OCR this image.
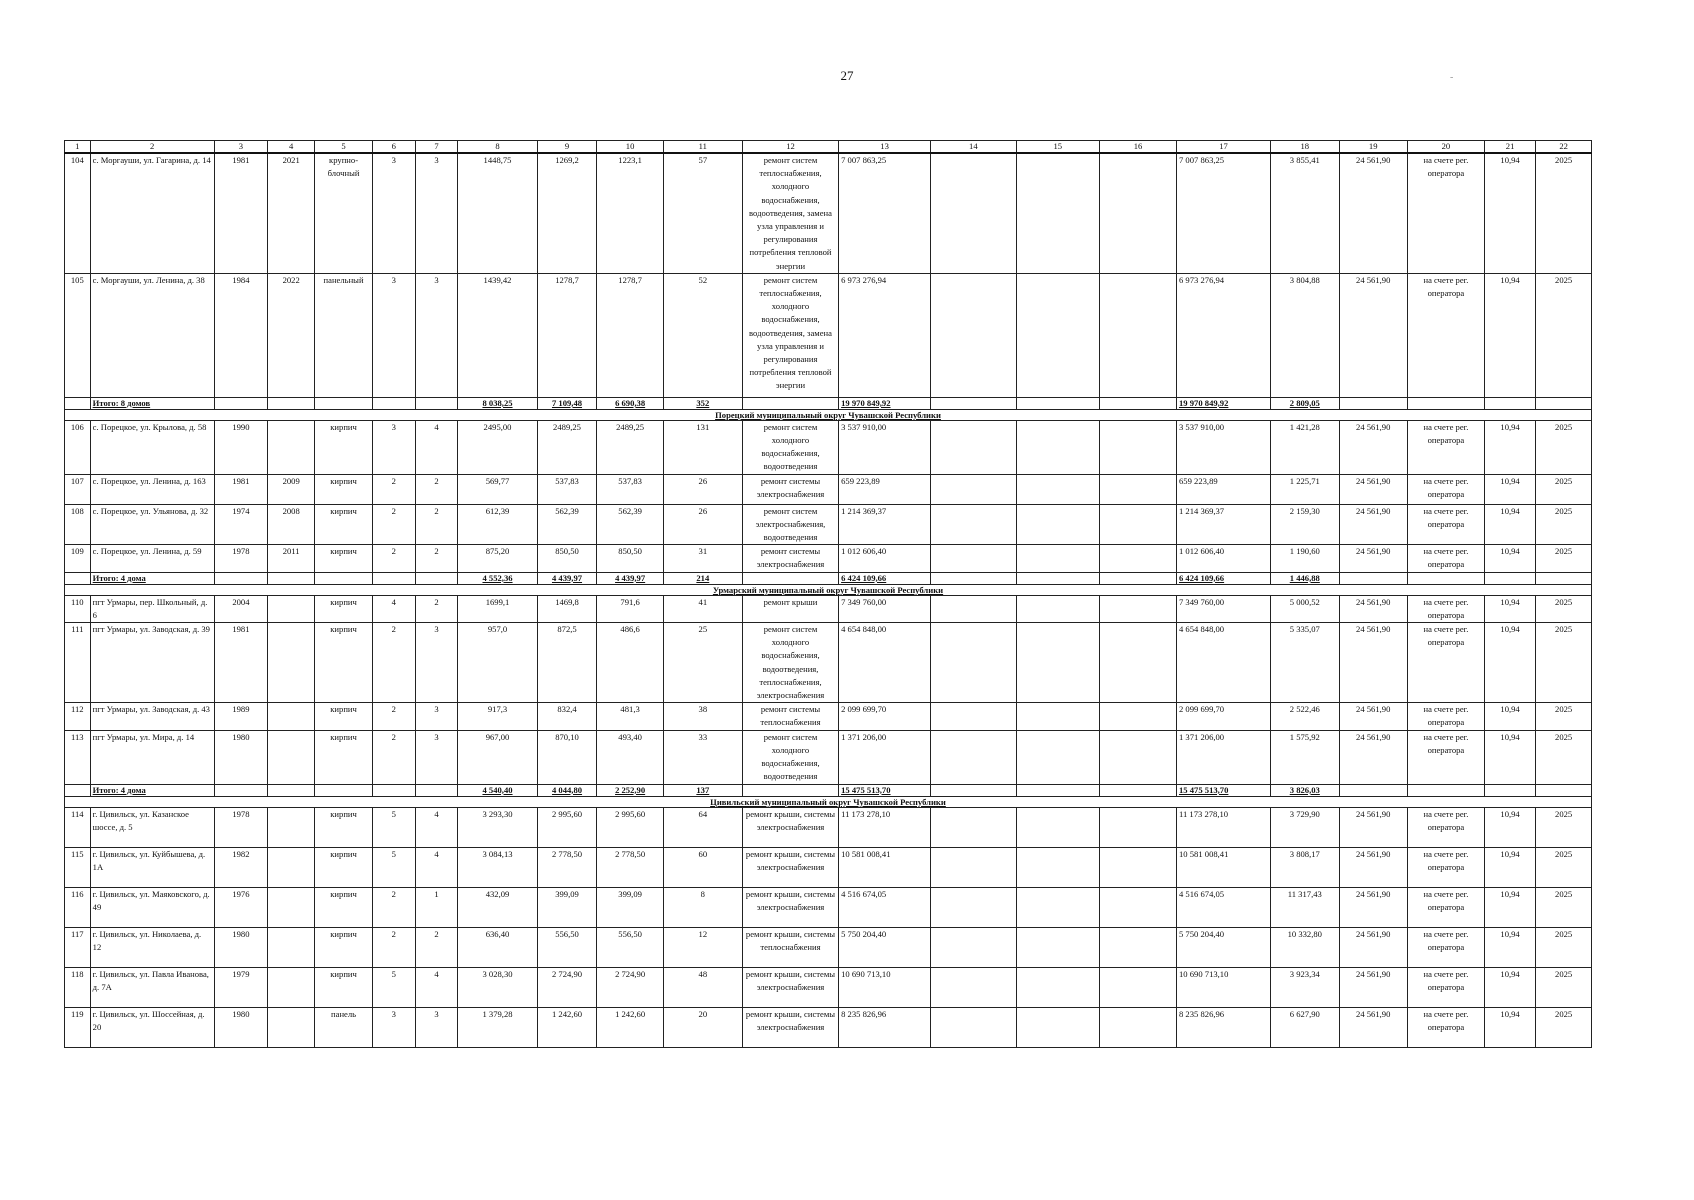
27	-
1	2	3	4	5	6	7	8	9	10	11	12	13	14	15	16	17	18	19	20	21	22
104	с. Моргауши, ул. Гагарина, д. 14	1981	2021	крупно-блочный	3	3	1448,75	1269,2	1223,1	57	ремонт систем теплоснабжения, холодного водоснабжения, водоотведения, замена узла управления и регулирования потребления тепловой энергии	7 007 863,25				7 007 863,25	3 855,41	24 561,90	на счете рег. оператора	10,94	2025
105	с. Моргауши, ул. Ленина, д. 38	1984	2022	панельный	3	3	1439,42	1278,7	1278,7	52	ремонт систем теплоснабжения, холодного водоснабжения, водоотведения, замена узла управления и регулирования потребления тепловой энергии	6 973 276,94				6 973 276,94	3 804,88	24 561,90	на счете рег. оператора	10,94	2025
	Итого: 8 домов						8 038,25	7 109,48	6 690,38	352		19 970 849,92				19 970 849,92	2 809,05				
Порецкий муниципальный округ Чувашской Республики																					
106	с. Порецкое, ул. Крылова, д. 58	1990		кирпич	3	4	2495,00	2489,25	2489,25	131	ремонт систем холодного водоснабжения, водоотведения	3 537 910,00				3 537 910,00	1 421,28	24 561,90	на счете рег. оператора	10,94	2025
107	с. Порецкое, ул. Ленина, д. 163	1981	2009	кирпич	2	2	569,77	537,83	537,83	26	ремонт системы электроснабжения	659 223,89				659 223,89	1 225,71	24 561,90	на счете рег. оператора	10,94	2025
108	с. Порецкое, ул. Ульянова, д. 32	1974	2008	кирпич	2	2	612,39	562,39	562,39	26	ремонт систем электроснабжения, водоотведения	1 214 369,37				1 214 369,37	2 159,30	24 561,90	на счете рег. оператора	10,94	2025
109	с. Порецкое, ул. Ленина, д. 59	1978	2011	кирпич	2	2	875,20	850,50	850,50	31	ремонт системы электроснабжения	1 012 606,40				1 012 606,40	1 190,60	24 561,90	на счете рег. оператора	10,94	2025
	Итого: 4 дома						4 552,36	4 439,97	4 439,97	214		6 424 109,66				6 424 109,66	1 446,88				
Урмарский муниципальный округ Чувашской Республики																					
110	пгт Урмары, пер. Школьный, д. 6	2004		кирпич	4	2	1699,1	1469,8	791,6	41	ремонт крыши	7 349 760,00				7 349 760,00	5 000,52	24 561,90	на счете рег. оператора	10,94	2025
111	пгт Урмары, ул. Заводская, д. 39	1981		кирпич	2	3	957,0	872,5	486,6	25	ремонт систем холодного водоснабжения, водоотведения, теплоснабжения, электроснабжения	4 654 848,00				4 654 848,00	5 335,07	24 561,90	на счете рег. оператора	10,94	2025
112	пгт Урмары, ул. Заводская, д. 43	1989		кирпич	2	3	917,3	832,4	481,3	38	ремонт системы теплоснабжения	2 099 699,70				2 099 699,70	2 522,46	24 561,90	на счете рег. оператора	10,94	2025
113	пгт Урмары, ул. Мира, д. 14	1980		кирпич	2	3	967,00	870,10	493,40	33	ремонт систем холодного водоснабжения, водоотведения	1 371 206,00				1 371 206,00	1 575,92	24 561,90	на счете рег. оператора	10,94	2025
	Итого: 4 дома						4 540,40	4 044,80	2 252,90	137		15 475 513,70				15 475 513,70	3 826,03				
Цивильский муниципальный округ Чувашской Республики																					
114	г. Цивильск, ул. Казанское шоссе, д. 5	1978		кирпич	5	4	3 293,30	2 995,60	2 995,60	64	ремонт крыши, системы электроснабжения	11 173 278,10				11 173 278,10	3 729,90	24 561,90	на счете рег. оператора	10,94	2025
115	г. Цивильск, ул. Куйбышева, д. 1А	1982		кирпич	5	4	3 084,13	2 778,50	2 778,50	60	ремонт крыши, системы электроснабжения	10 581 008,41				10 581 008,41	3 808,17	24 561,90	на счете рег. оператора	10,94	2025
116	г. Цивильск, ул. Маяковского, д. 49	1976		кирпич	2	1	432,09	399,09	399,09	8	ремонт крыши, системы электроснабжения	4 516 674,05				4 516 674,05	11 317,43	24 561,90	на счете рег. оператора	10,94	2025
117	г. Цивильск, ул. Николаева, д. 12	1980		кирпич	2	2	636,40	556,50	556,50	12	ремонт крыши, системы теплоснабжения	5 750 204,40				5 750 204,40	10 332,80	24 561,90	на счете рег. оператора	10,94	2025
118	г. Цивильск, ул. Павла Иванова, д. 7А	1979		кирпич	5	4	3 028,30	2 724,90	2 724,90	48	ремонт крыши, системы электроснабжения	10 690 713,10				10 690 713,10	3 923,34	24 561,90	на счете рег. оператора	10,94	2025
119	г. Цивильск, ул. Шоссейная, д. 20	1980		панель	3	3	1 379,28	1 242,60	1 242,60	20	ремонт крыши, системы электроснабжения	8 235 826,96				8 235 826,96	6 627,90	24 561,90	на счете рег. оператора	10,94	2025
